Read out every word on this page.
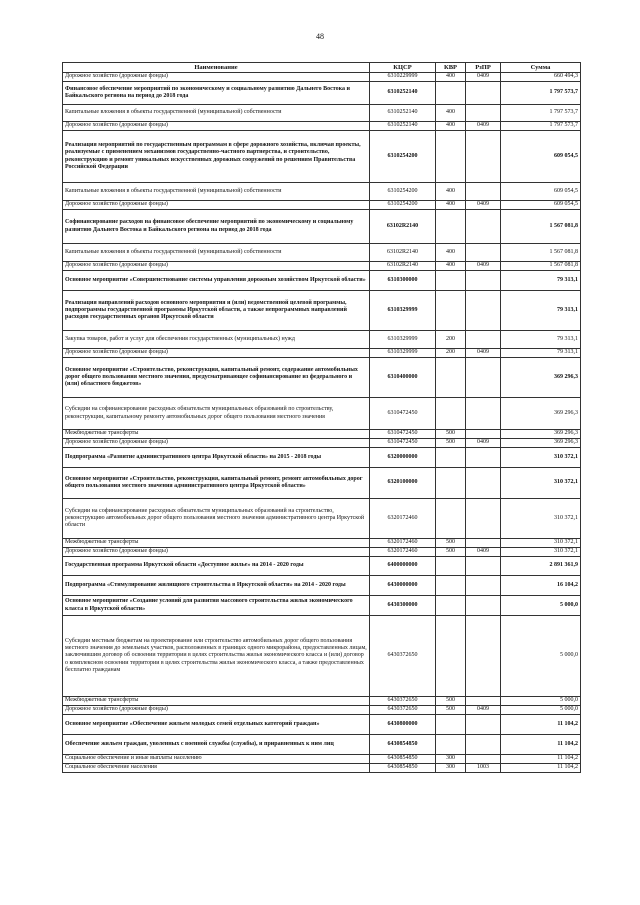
48
Наименование	КЦСР	КВР	РзПР	Сумма
Дорожное хозяйство (дорожные фонды)	6310229999	400	0409	660 494,3
Финансовое обеспечение мероприятий по экономическому и социальному развитию Дальнего Востока и Байкальского региона на период до 2018 года	6310252140			1 797 573,7
Капитальные вложения в объекты государственной (муниципальной) собственности	6310252140	400		1 797 573,7
Дорожное хозяйство (дорожные фонды)	6310252140	400	0409	1 797 573,7
Реализация мероприятий по государственным программам в сфере дорожного хозяйства, включая проекты, реализуемые с применением механизмов государственно-частного партнерства, и строительство, реконструкцию и ремонт уникальных искусственных дорожных сооружений по решениям Правительства Российской Федерации	6310254200			609 054,5
Капитальные вложения в объекты государственной (муниципальной) собственности	6310254200	400		609 054,5
Дорожное хозяйство (дорожные фонды)	6310254200	400	0409	609 054,5
Софинансирование расходов на финансовое обеспечение мероприятий по экономическому и социальному развитию Дальнего Востока и Байкальского региона на период до 2018 года	63102R2140			1 567 081,8
Капитальные вложения в объекты государственной (муниципальной) собственности	63102R2140	400		1 567 081,8
Дорожное хозяйство (дорожные фонды)	63102R2140	400	0409	1 567 081,8
Основное мероприятие «Совершенствование системы управления дорожным хозяйством Иркутской области»	6310300000			79 313,1
Реализация направлений расходов основного мероприятия и (или) ведомственной целевой программы, подпрограммы государственной программы Иркутской области, а также непрограммных направлений расходов государственных органов Иркутской области	6310329999			79 313,1
Закупка товаров, работ и услуг для обеспечения государственных (муниципальных) нужд	6310329999	200		79 313,1
Дорожное хозяйство (дорожные фонды)	6310329999	200	0409	79 313,1
Основное мероприятие «Строительство, реконструкция, капитальный ремонт, содержание автомобильных дорог общего пользования местного значения, предусматривающее софинансирование из федерального и (или) областного бюджетов»	6310400000			369 296,3
Субсидии на софинансирование расходных обязательств муниципальных образований по строительству, реконструкции, капитальному ремонту автомобильных дорог общего пользования местного значения	6310472450			369 296,3
Межбюджетные трансферты	6310472450	500		369 296,3
Дорожное хозяйство (дорожные фонды)	6310472450	500	0409	369 296,3
Подпрограмма «Развитие административного центра Иркутской области» на 2015 - 2018 годы	6320000000			310 372,1
Основное мероприятие «Строительство, реконструкция, капитальный ремонт, ремонт автомобильных дорог общего пользования местного значения административного центра Иркутской области»	6320100000			310 372,1
Субсидии на софинансирование расходных обязательств муниципальных образований на строительство, реконструкцию автомобильных дорог общего пользования местного значения административного центра Иркутской области	6320172460			310 372,1
Межбюджетные трансферты	6320172460	500		310 372,1
Дорожное хозяйство (дорожные фонды)	6320172460	500	0409	310 372,1
Государственная программа Иркутской области «Доступное жилье» на 2014 - 2020 годы	6400000000			2 891 361,9
Подпрограмма «Стимулирование жилищного строительства в Иркутской области» на 2014 - 2020 годы	6430000000			16 104,2
Основное мероприятие «Создание условий для развития массового строительства жилья экономического класса в Иркутской области»	6430300000			5 000,0
Субсидии местным бюджетам на проектирование или строительство автомобильных дорог общего пользования местного значения до земельных участков, расположенных в границах одного микрорайона, предоставленных лицам, заключившим договор об освоении территории в целях строительства жилья экономического класса и (или) договор о комплексном освоении территории в целях строительства жилья экономического класса, а также предоставленных бесплатно гражданам	6430372650			5 000,0
Межбюджетные трансферты	6430372650	500		5 000,0
Дорожное хозяйство (дорожные фонды)	6430372650	500	0409	5 000,0
Основное мероприятие «Обеспечение жильем молодых семей отдельных категорий граждан»	6430800000			11 104,2
Обеспечение жильем граждан, уволенных с военной службы (службы), и приравненных к ним лиц	6430854850			11 104,2
Социальное обеспечение и иные выплаты населению	6430854850	300		11 104,2
Социальное обеспечение населения	6430854850	300	1003	11 104,2
